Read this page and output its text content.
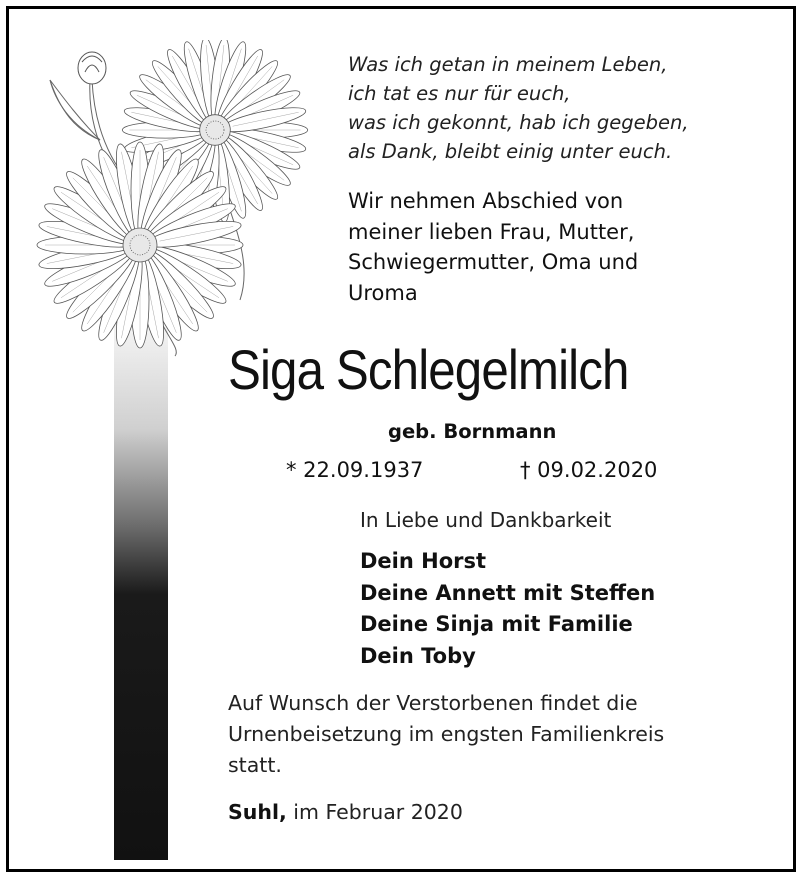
Was ich getan in meinem Leben,
ich tat es nur für euch,
was ich gekonnt, hab ich gegeben,
als Dank, bleibt einig unter euch.
Wir nehmen Abschied von
meiner lieben Frau, Mutter,
Schwiegermutter, Oma und
Uroma
Siga Schlegelmilch
geb. Bornmann
* 22.09.1937	† 09.02.2020
In Liebe und Dankbarkeit
Dein Horst
Deine Annett mit Steffen
Deine Sinja mit Familie
Dein Toby
Auf Wunsch der Verstorbenen findet die
Urnenbeisetzung im engsten Familienkreis
statt.
Suhl, im Februar 2020
